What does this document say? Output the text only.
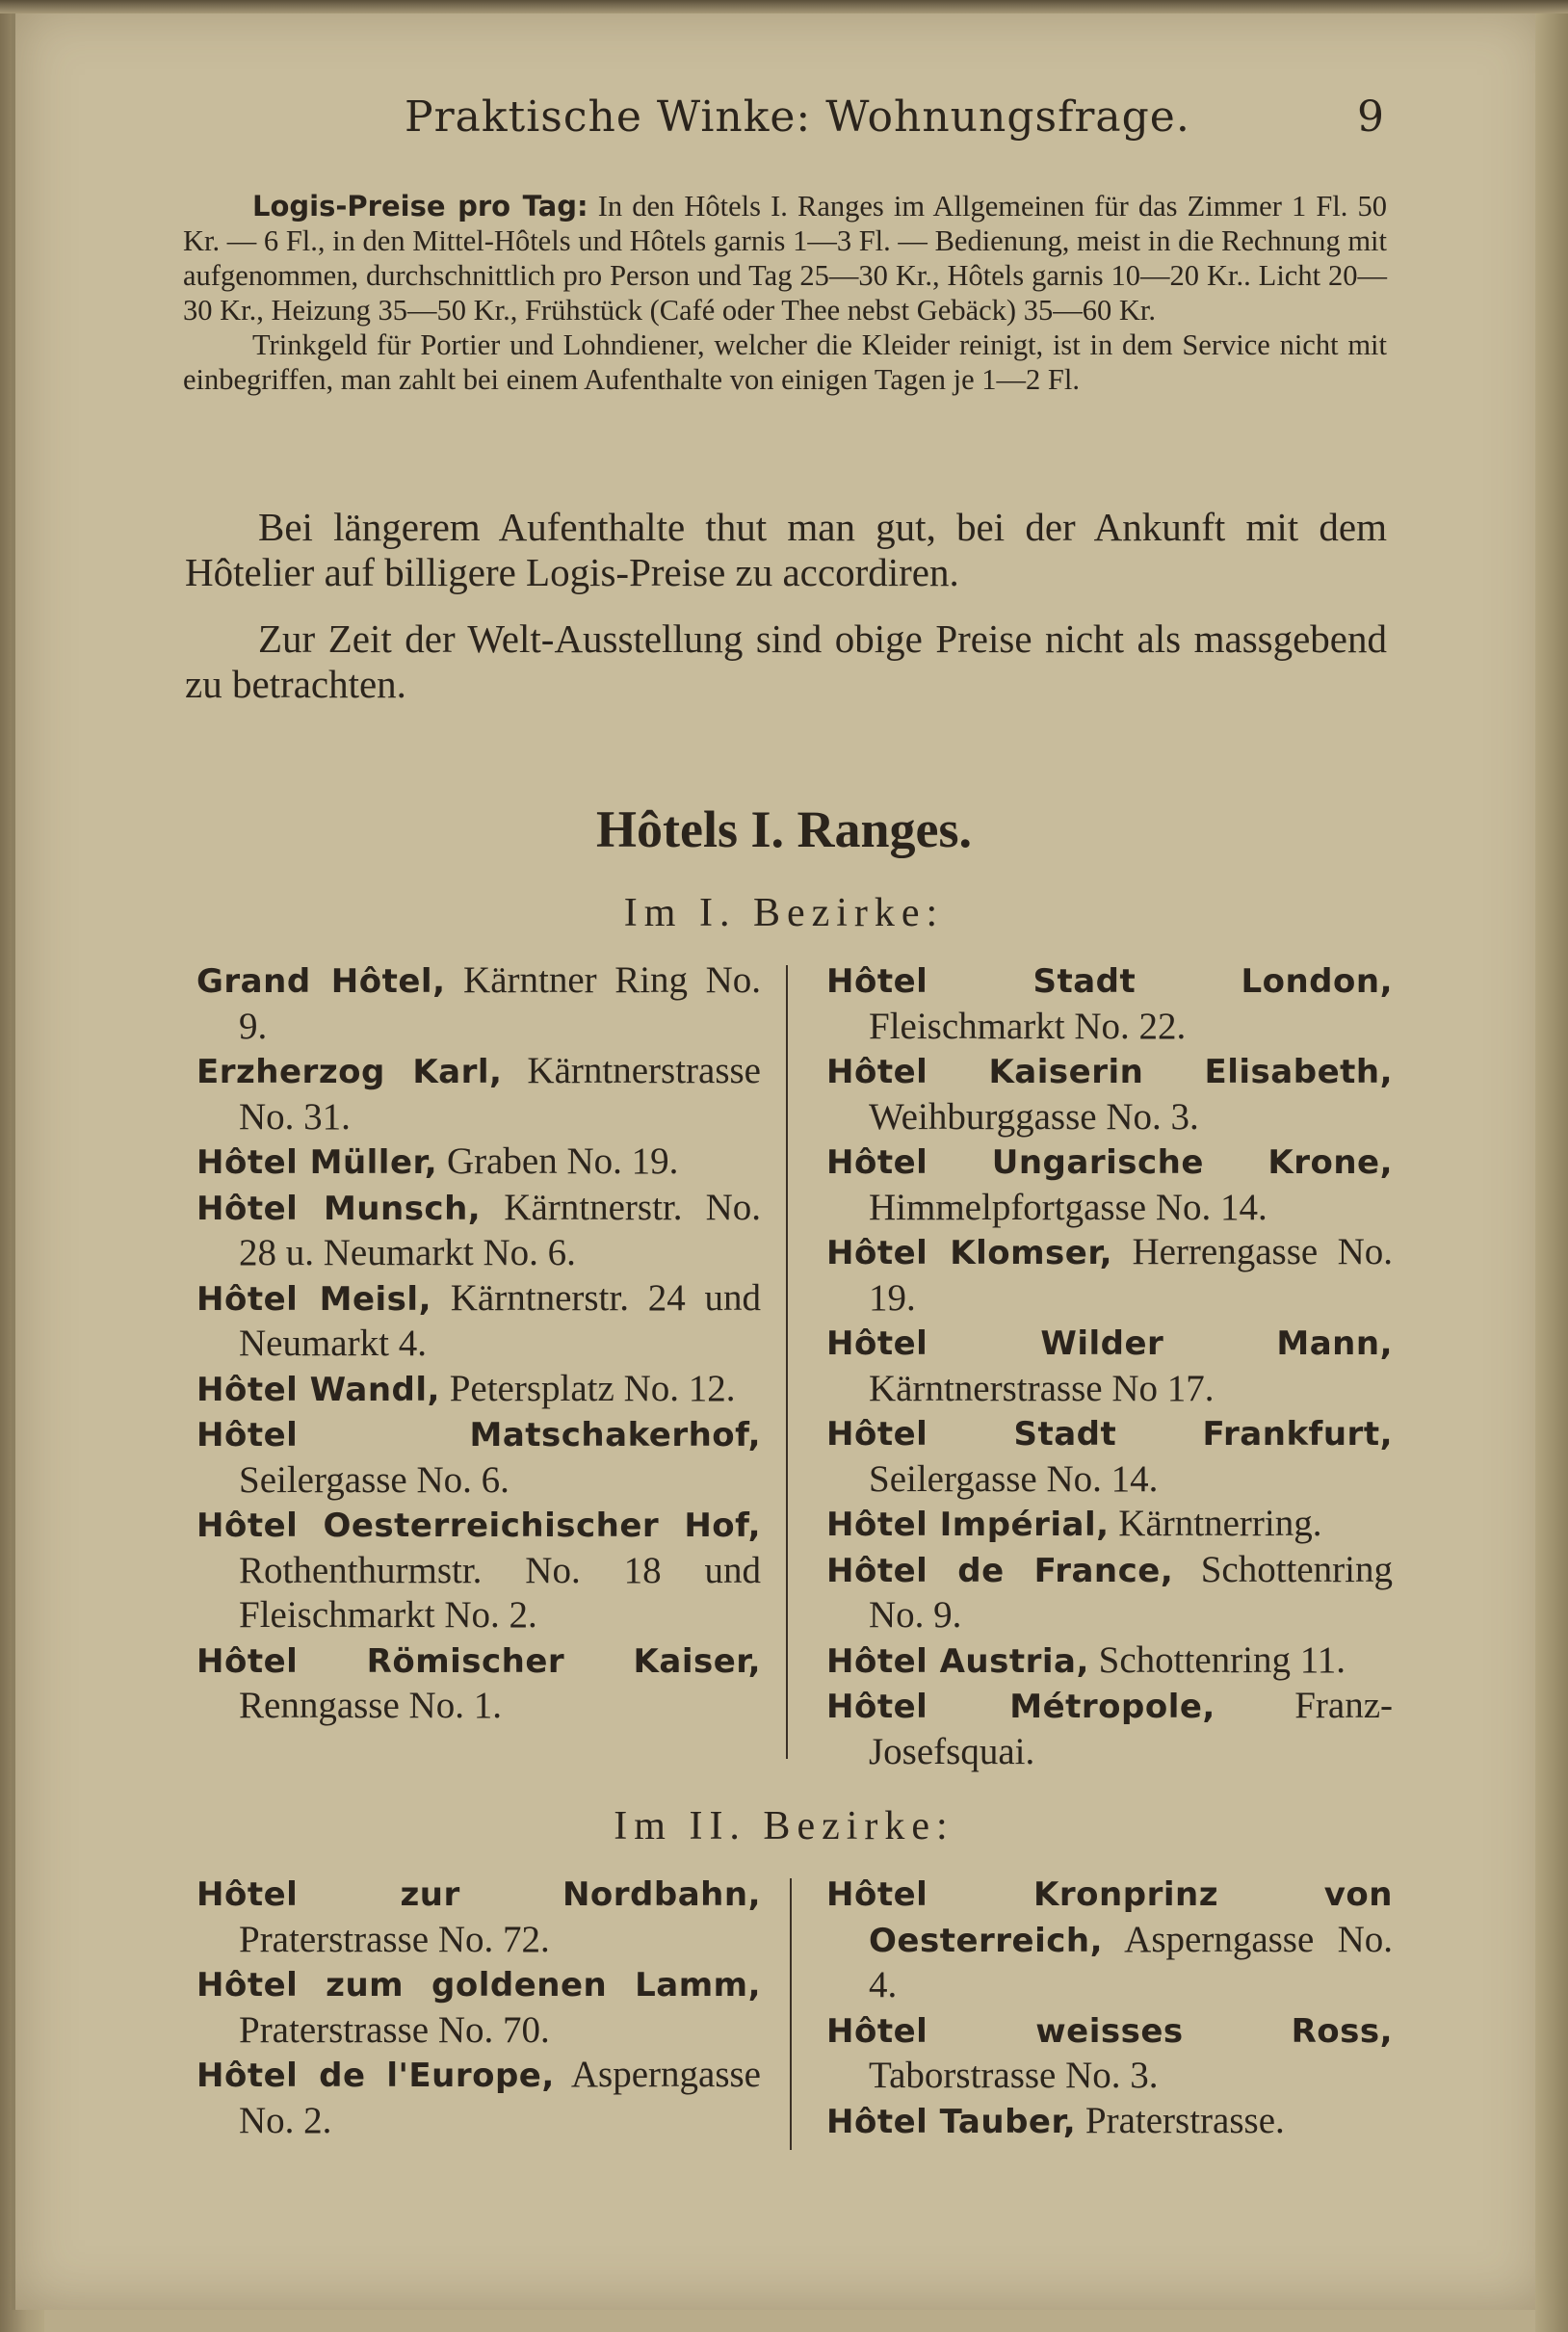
Praktische Winke: Wohnungsfrage.	9

Logis-Preise pro Tag: In den Hôtels I. Ranges im Allgemeinen für das Zimmer 1 Fl. 50 Kr. — 6 Fl., in den Mittel-Hôtels und Hôtels garnis 1—3 Fl. — Bedienung, meist in die Rechnung mit aufgenommen, durchschnittlich pro Person und Tag 25—30 Kr., Hôtels garnis 10—20 Kr.. Licht 20—30 Kr., Heizung 35—50 Kr., Frühstück (Café oder Thee nebst Gebäck) 35—60 Kr.

Trinkgeld für Portier und Lohndiener, welcher die Kleider reinigt, ist in dem Service nicht mit einbegriffen, man zahlt bei einem Aufenthalte von einigen Tagen je 1—2 Fl.

Bei längerem Aufenthalte thut man gut, bei der Ankunft mit dem Hôtelier auf billigere Logis-Preise zu accordiren.

Zur Zeit der Welt-Ausstellung sind obige Preise nicht als massgebend zu betrachten.

Hôtels I. Ranges.
Im I. Bezirke:

Grand Hôtel, Kärntner Ring No. 9.

Erzherzog Karl, Kärntnerstrasse No. 31.

Hôtel Müller, Graben No. 19.

Hôtel Munsch, Kärntnerstr. No. 28 u. Neumarkt No. 6.

Hôtel Meisl, Kärntnerstr. 24 und Neumarkt 4.

Hôtel Wandl, Petersplatz No. 12.

Hôtel Matschakerhof, Seilergasse No. 6.

Hôtel Oesterreichischer Hof, Rothenthurmstr. No. 18 und Fleischmarkt No. 2.

Hôtel Römischer Kaiser, Renngasse No. 1.

Hôtel Stadt London, Fleischmarkt No. 22.

Hôtel Kaiserin Elisabeth, Weihburggasse No. 3.

Hôtel Ungarische Krone, Himmelpfortgasse No. 14.

Hôtel Klomser, Herrengasse No. 19.

Hôtel Wilder Mann, Kärntnerstrasse No 17.

Hôtel Stadt Frankfurt, Seilergasse No. 14.

Hôtel Impérial, Kärntnerring.

Hôtel de France, Schottenring No. 9.

Hôtel Austria, Schottenring 11.

Hôtel Métropole, Franz-Josefsquai.

Im II. Bezirke:

Hôtel zur Nordbahn, Praterstrasse No. 72.

Hôtel zum goldenen Lamm, Praterstrasse No. 70.

Hôtel de l'Europe, Asperngasse No. 2.

Hôtel Kronprinz von Oesterreich, Asperngasse No. 4.

Hôtel weisses Ross, Taborstrasse No. 3.

Hôtel Tauber, Praterstrasse.
